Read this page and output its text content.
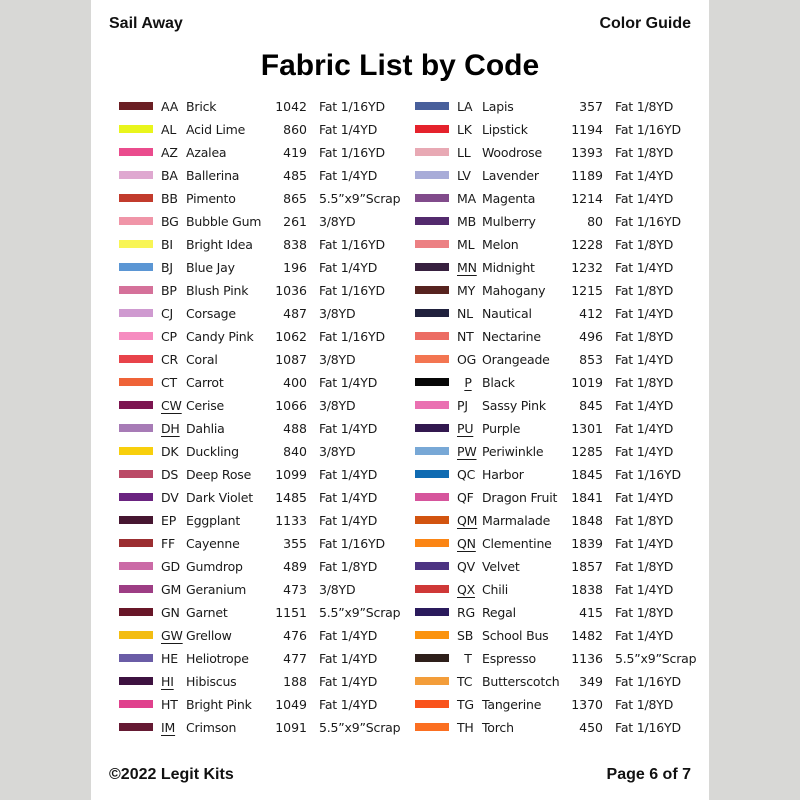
Sail Away	Color Guide
Fabric List by Code
AA Brick	1042 Fat 1/16YD
AL Acid Lime	860 Fat 1/4YD
AZ Azalea	419 Fat 1/16YD
BA Ballerina	485 Fat 1/4YD
BB Pimento	865 5.5”x9”Scrap
BG Bubble Gum	261 3/8YD
BI	Bright Idea	838 Fat 1/16YD
BJ	Blue Jay	196 Fat 1/4YD
BP Blush Pink	1036 Fat 1/16YD
CJ	Corsage	487 3/8YD
CP Candy Pink	1062 Fat 1/16YD
CR Coral	1087 3/8YD
CT Carrot	400 Fat 1/4YD
CW Cerise	1066 3/8YD
DH Dahlia	488 Fat 1/4YD
DK Duckling	840 3/8YD
DS Deep Rose	1099 Fat 1/4YD
DV Dark Violet	1485 Fat 1/4YD
EP Eggplant	1133 Fat 1/4YD
FF Cayenne	355 Fat 1/16YD
GD Gumdrop	489 Fat 1/8YD
GM Geranium	473 3/8YD
GN Garnet	1151 5.5”x9”Scrap
GW Grellow	476 Fat 1/4YD
HE Heliotrope	477 Fat 1/4YD
HI Hibiscus	188 Fat 1/4YD
HT Bright Pink	1049 Fat 1/4YD
IM Crimson	1091 5.5”x9”Scrap
LA Lapis	357 Fat 1/8YD
LK Lipstick	1194 Fat 1/16YD
LL Woodrose	1393 Fat 1/8YD
LV Lavender	1189 Fat 1/4YD
MA Magenta	1214 Fat 1/4YD
MB Mulberry	80 Fat 1/16YD
ML Melon	1228 Fat 1/8YD
MN Midnight	1232 Fat 1/4YD
MY Mahogany	1215 Fat 1/8YD
NL Nautical	412 Fat 1/4YD
NT Nectarine	496 Fat 1/8YD
OG Orangeade	853 Fat 1/4YD
P Black	1019 Fat 1/8YD
PJ	Sassy Pink	845 Fat 1/4YD
PU Purple	1301 Fat 1/4YD
PW Periwinkle	1285 Fat 1/4YD
QC Harbor	1845 Fat 1/16YD
QF Dragon Fruit	1841 Fat 1/4YD
QM Marmalade	1848 Fat 1/8YD
QN Clementine	1839 Fat 1/4YD
QV Velvet	1857 Fat 1/8YD
QX Chili	1838 Fat 1/4YD
RG Regal	415 Fat 1/8YD
SB School Bus	1482 Fat 1/4YD
T Espresso	1136 5.5”x9”Scrap
TC Butterscotch	349 Fat 1/16YD
TG Tangerine	1370 Fat 1/8YD
TH Torch	450 Fat 1/16YD
©2022 Legit Kits	Page 6 of 7
